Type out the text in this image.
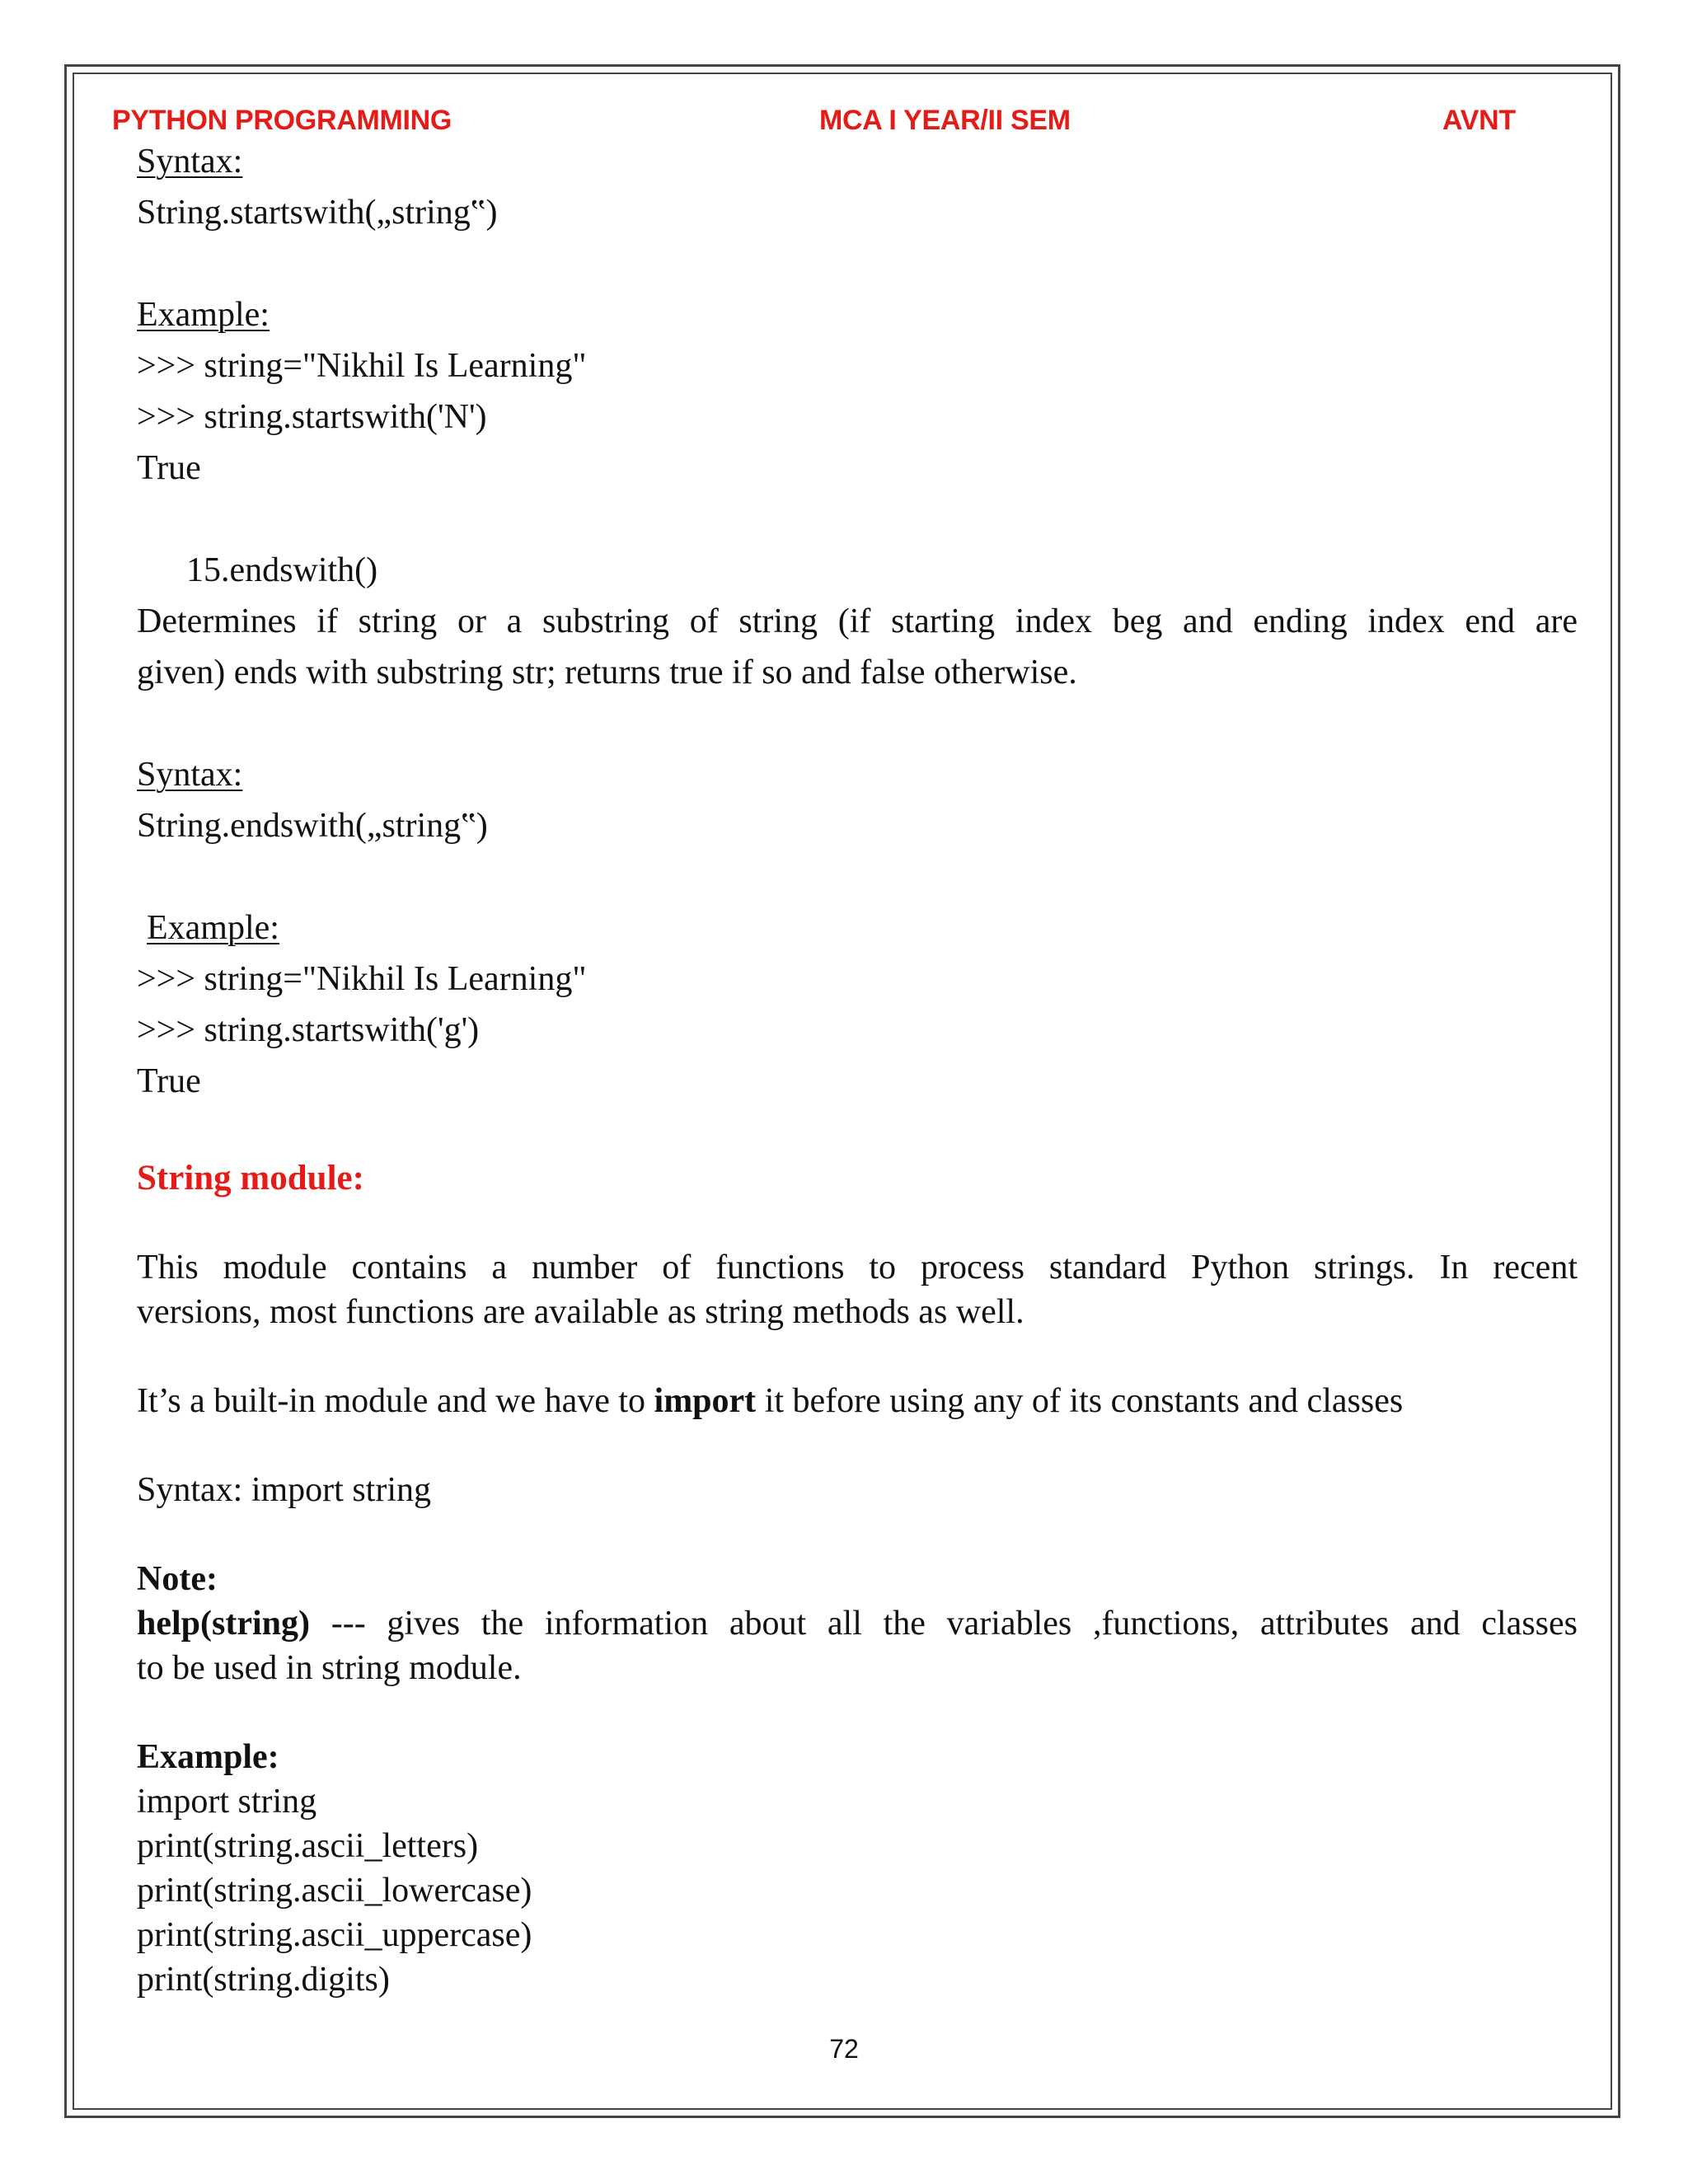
PYTHON PROGRAMMING	MCA I YEAR/II SEM	AVNT
Syntax:
String.startswith(„string‟)
Example:
>>> string="Nikhil Is Learning"
>>> string.startswith('N')
True
15.endswith()
Determines if string or a substring of string (if starting index beg and ending index end are
given) ends with substring str; returns true if so and false otherwise.
Syntax:
String.endswith(„string‟)
Example:
>>> string="Nikhil Is Learning"
>>> string.startswith('g')
True
String module:
This module contains a number of functions to process standard Python strings. In recent
versions, most functions are available as string methods as well.
It’s a built-in module and we have to import it before using any of its constants and classes
Syntax: import string
Note:
help(string) --- gives the information about all the variables ,functions, attributes and classes
to be used in string module.
Example:
import string
print(string.ascii_letters)
print(string.ascii_lowercase)
print(string.ascii_uppercase)
print(string.digits)
72
